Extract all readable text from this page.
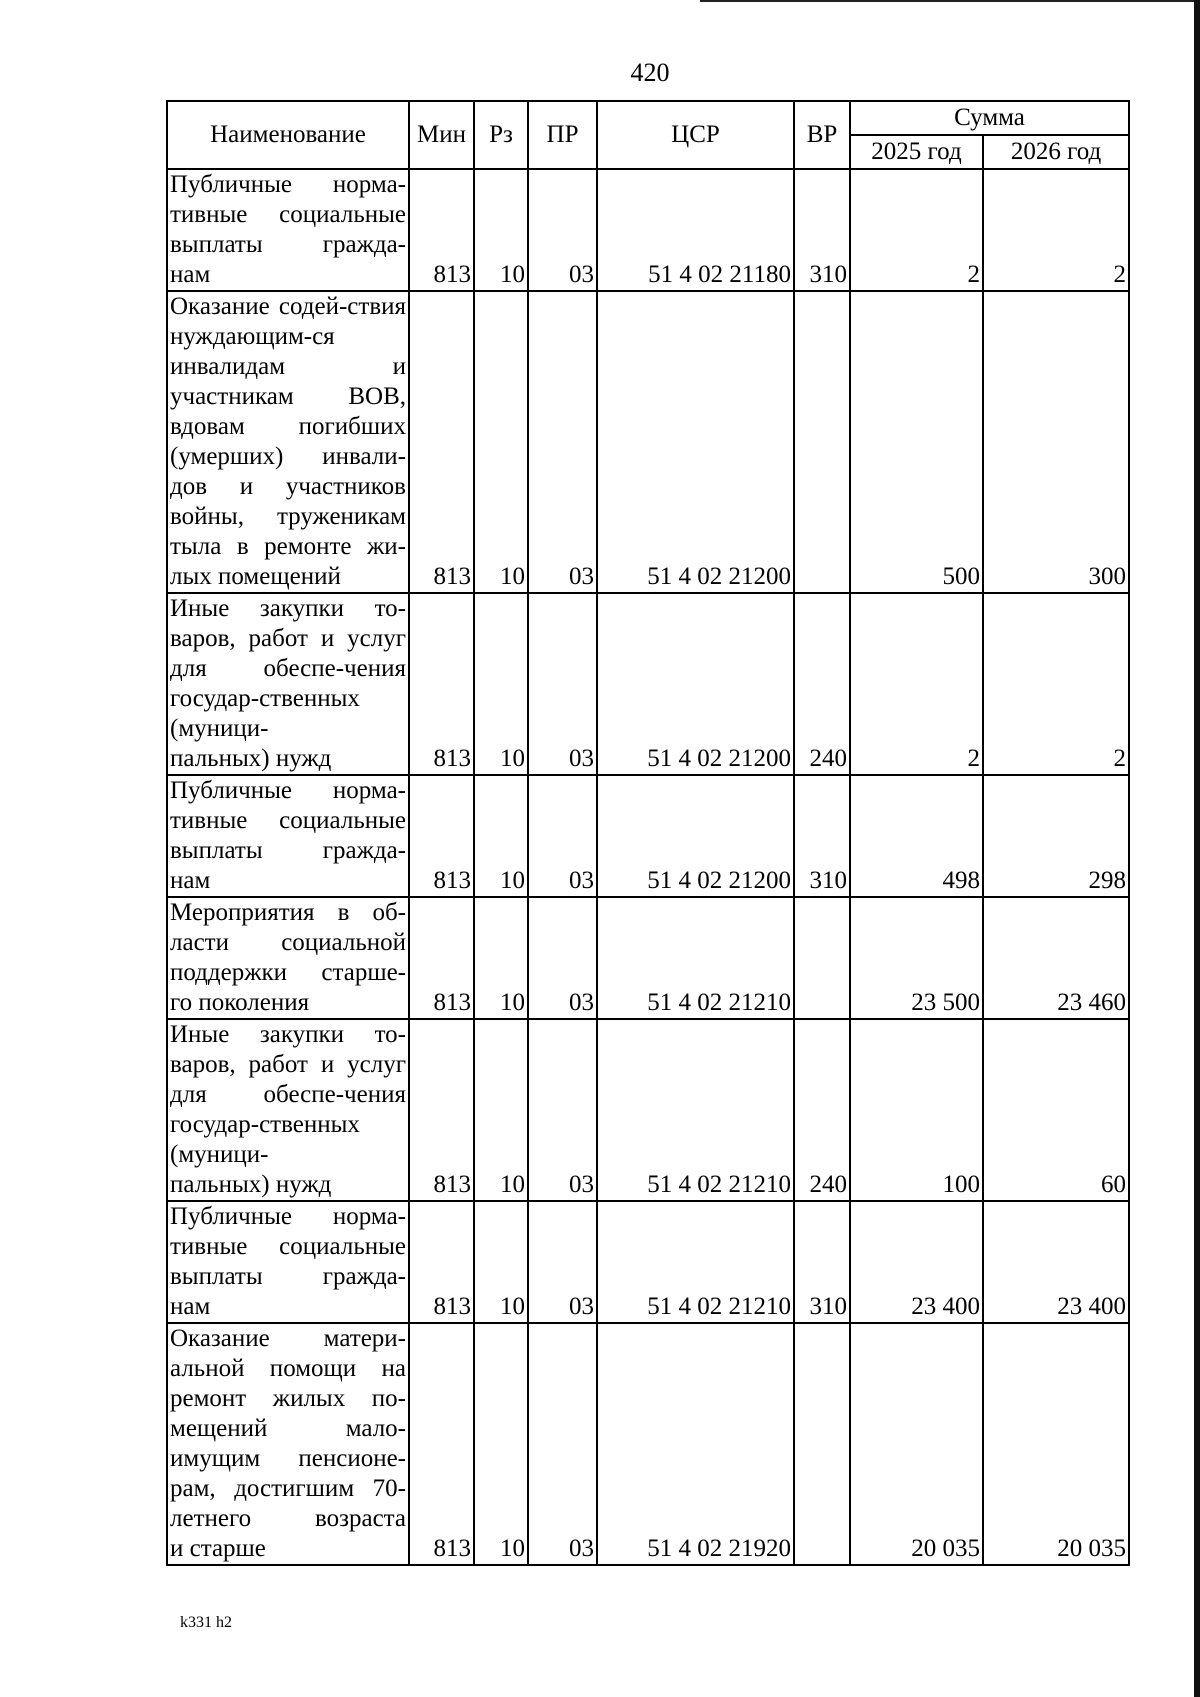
420
Наименование	Мин	Рз	ПР	ЦСР	ВР	Сумма	
						2025 год	2026 год
Публичные норма-тивные социальные выплаты гражда-
нам	813	10	03	51 4 02 21180	310	2	2
Оказание содей-ствия нуждающим-ся инвалидам и участникам ВОВ, вдовам погибших (умерших) инвали-дов и участников войны, труженикам тыла в ремонте жи-
лых помещений	813	10	03	51 4 02 21200		500	300
Иные закупки то-варов, работ и услуг для обеспе-чения государ-ственных (муници-
пальных) нужд	813	10	03	51 4 02 21200	240	2	2
Публичные норма-тивные социальные выплаты гражда-
нам	813	10	03	51 4 02 21200	310	498	298
Мероприятия в об-ласти социальной поддержки старше-
го поколения	813	10	03	51 4 02 21210		23 500	23 460
Иные закупки то-варов, работ и услуг для обеспе-чения государ-ственных (муници-
пальных) нужд	813	10	03	51 4 02 21210	240	100	60
Публичные норма-тивные социальные выплаты гражда-
нам	813	10	03	51 4 02 21210	310	23 400	23 400
Оказание матери-альной помощи на ремонт жилых по-мещений мало-имущим пенсионе-рам, достигшим 70-летнего возраста
и старше	813	10	03	51 4 02 21920		20 035	20 035
k331 h2
